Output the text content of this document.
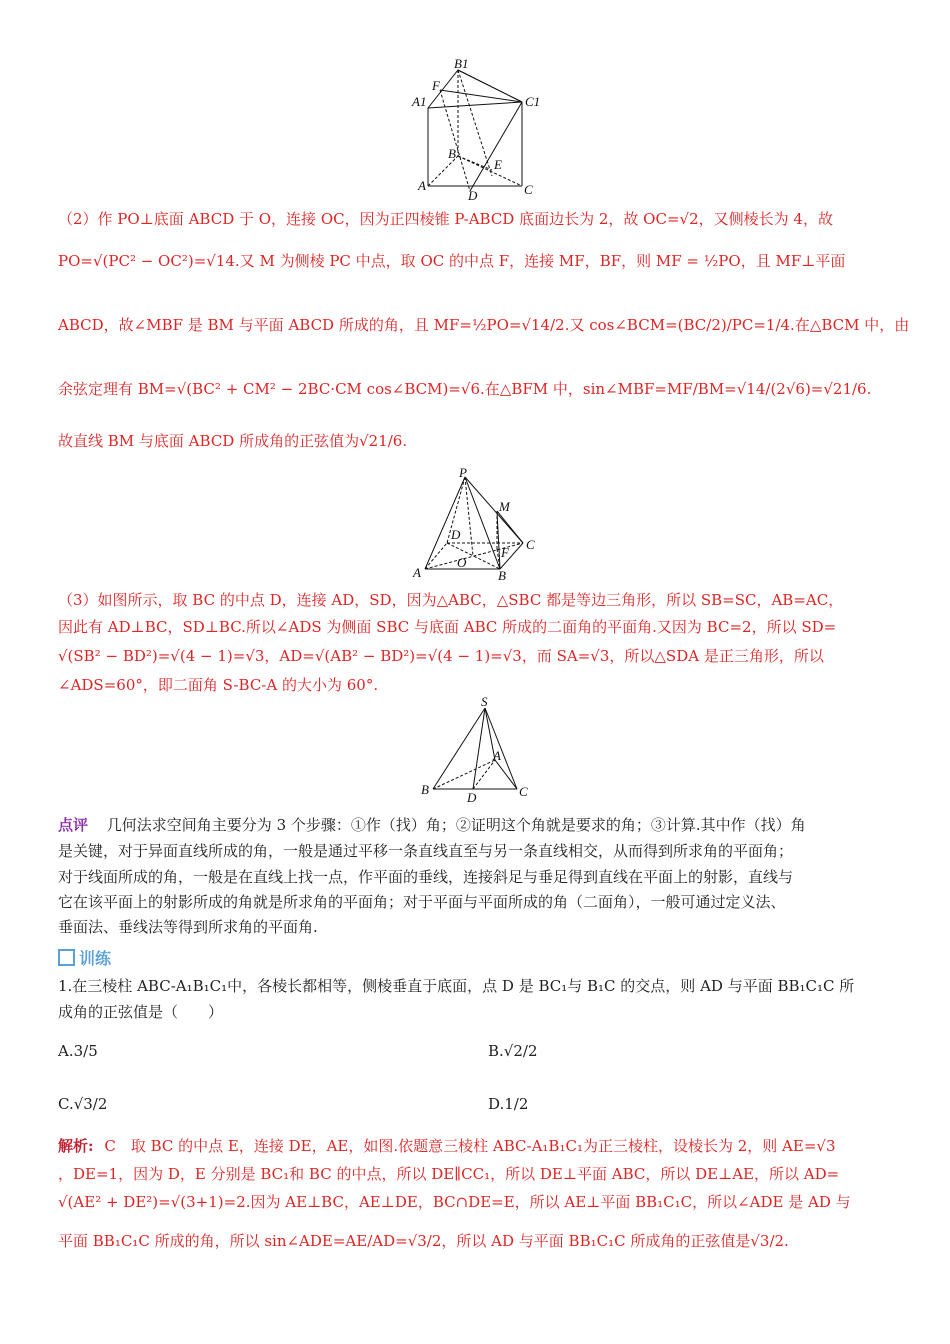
B1
F
A1	C1
B
E
A
D	C
（2）作 PO⊥底面 ABCD 于 O，连接 OC，因为正四棱锥 P-ABCD 底面边长为 2，故 OC=√2，又侧棱长为 4，故
PO=√(PC² − OC²)=√14.又 M 为侧棱 PC 中点，取 OC 的中点 F，连接 MF，BF，则 MF = ½PO，且 MF⊥平面
ABCD，故∠MBF 是 BM 与平面 ABCD 所成的角，且 MF=½PO=√14/2.又 cos∠BCM=(BC/2)/PC=1/4.在△BCM 中，由
余弦定理有 BM=√(BC² + CM² − 2BC·CM cos∠BCM)=√6.在△BFM 中，sin∠MBF=MF/BM=√14/(2√6)=√21/6.
故直线 BM 与底面 ABCD 所成角的正弦值为√21/6.
P
M
D
F
C
O
A	B
（3）如图所示，取 BC 的中点 D，连接 AD，SD，因为△ABC，△SBC 都是等边三角形，所以 SB=SC，AB=AC，
因此有 AD⊥BC，SD⊥BC.所以∠ADS 为侧面 SBC 与底面 ABC 所成的二面角的平面角.又因为 BC=2，所以 SD=
√(SB² − BD²)=√(4 − 1)=√3，AD=√(AB² − BD²)=√(4 − 1)=√3，而 SA=√3，所以△SDA 是正三角形，所以
∠ADS=60°，即二面角 S-BC-A 的大小为 60°.
S
A
B	C
D
点评 几何法求空间角主要分为 3 个步骤：①作（找）角；②证明这个角就是要求的角；③计算.其中作（找）角
是关键，对于异面直线所成的角，一般是通过平移一条直线直至与另一条直线相交，从而得到所求角的平面角；
对于线面所成的角，一般是在直线上找一点，作平面的垂线，连接斜足与垂足得到直线在平面上的射影，直线与
它在该平面上的射影所成的角就是所求角的平面角；对于平面与平面所成的角（二面角），一般可通过定义法、
垂面法、垂线法等得到所求角的平面角.
训练
1.在三棱柱 ABC-A₁B₁C₁中，各棱长都相等，侧棱垂直于底面，点 D 是 BC₁与 B₁C 的交点，则 AD 与平面 BB₁C₁C 所
成角的正弦值是（　　）
A.3/5	B.√2/2
C.√3/2	D.1/2
解析: C　取 BC 的中点 E，连接 DE，AE，如图.依题意三棱柱 ABC-A₁B₁C₁为正三棱柱，设棱长为 2，则 AE=√3
，DE=1，因为 D，E 分别是 BC₁和 BC 的中点，所以 DE∥CC₁，所以 DE⊥平面 ABC，所以 DE⊥AE，所以 AD=
√(AE² + DE²)=√(3+1)=2.因为 AE⊥BC，AE⊥DE，BC∩DE=E，所以 AE⊥平面 BB₁C₁C，所以∠ADE 是 AD 与
平面 BB₁C₁C 所成的角，所以 sin∠ADE=AE/AD=√3/2，所以 AD 与平面 BB₁C₁C 所成角的正弦值是√3/2.
